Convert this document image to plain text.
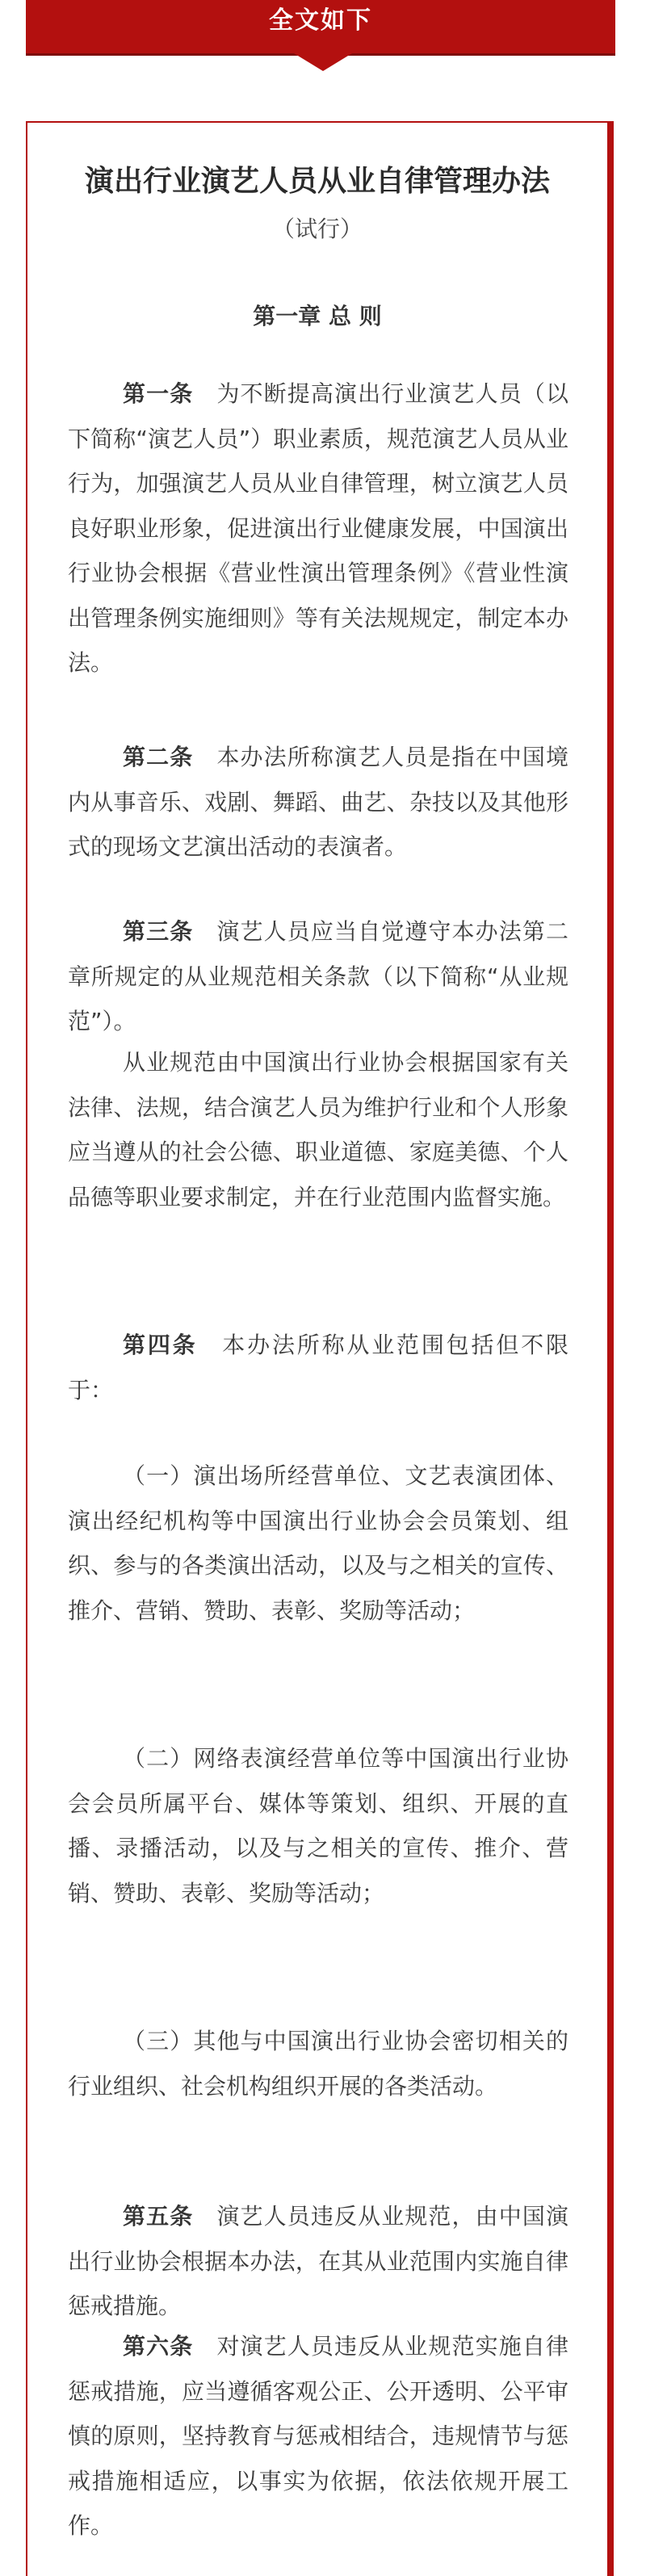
全文如下
演出行业演艺人员从业自律管理办法
（试行）
第一章 总 则

第一条　 为不断提高演出行业演艺人员（以下简称“演艺人员”）职业素质，规范演艺人员从业行为，加强演艺人员从业自律管理，树立演艺人员良好职业形象，促进演出行业健康发展，中国演出行业协会根据《营业性演出管理条例》《营业性演出管理条例实施细则》等有关法规规定，制定本办法。

第二条　 本办法所称演艺人员是指在中国境内从事音乐、戏剧、舞蹈、曲艺、杂技以及其他形式的现场文艺演出活动的表演者。

第三条　 演艺人员应当自觉遵守本办法第二章所规定的从业规范相关条款（以下简称“从业规范”）。

从业规范由中国演出行业协会根据国家有关法律、法规，结合演艺人员为维护行业和个人形象应当遵从的社会公德、职业道德、家庭美德、个人品德等职业要求制定，并在行业范围内监督实施。

第四条　 本办法所称从业范围包括但不限于：

（一）演出场所经营单位、文艺表演团体、演出经纪机构等中国演出行业协会会员策划、组织、参与的各类演出活动，以及与之相关的宣传、推介、营销、赞助、表彰、奖励等活动；

（二）网络表演经营单位等中国演出行业协会会员所属平台、媒体等策划、组织、开展的直播、录播活动，以及与之相关的宣传、推介、营销、赞助、表彰、奖励等活动；

（三）其他与中国演出行业协会密切相关的行业组织、社会机构组织开展的各类活动。

第五条　 演艺人员违反从业规范，由中国演出行业协会根据本办法，在其从业范围内实施自律惩戒措施。

第六条　 对演艺人员违反从业规范实施自律惩戒措施，应当遵循客观公正、公开透明、公平审慎的原则，坚持教育与惩戒相结合，违规情节与惩戒措施相适应，以事实为依据，依法依规开展工作。
